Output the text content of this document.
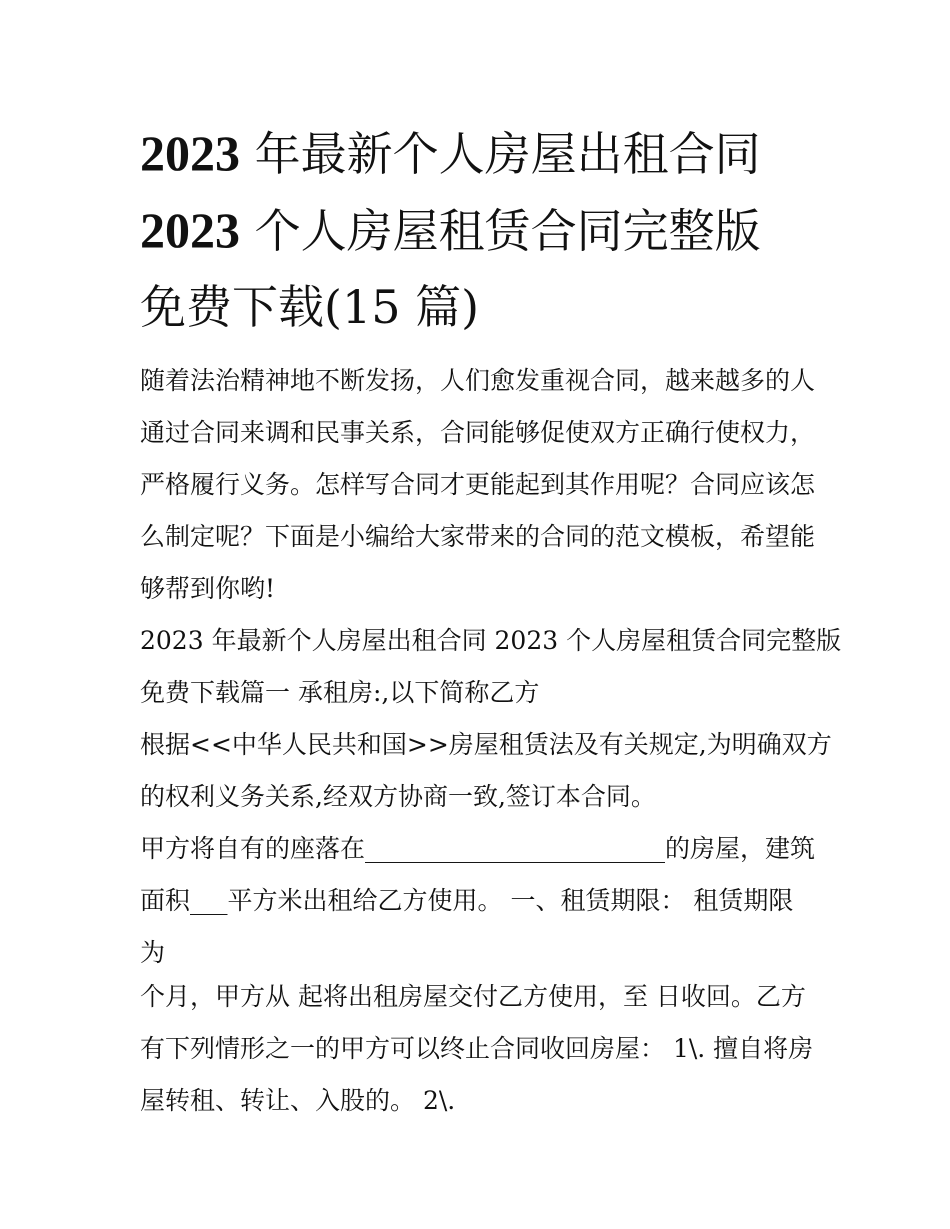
2023 年最新个人房屋出租合同
2023 个人房屋租赁合同完整版
免费下载(15 篇)
随着法治精神地不断发扬，人们愈发重视合同，越来越多的人
通过合同来调和民事关系，合同能够促使双方正确行使权力，
严格履行义务。怎样写合同才更能起到其作用呢？合同应该怎
么制定呢？下面是小编给大家带来的合同的范文模板，希望能
够帮到你哟!
2023 年最新个人房屋出租合同 2023 个人房屋租赁合同完整版
免费下载篇一 承租房:,以下简称乙方
根据<<中华人民共和国>>房屋租赁法及有关规定,为明确双方
的权利义务关系,经双方协商一致,签订本合同。
甲方将自有的座落在________________________的房屋，建筑
面积___平方米出租给乙方使用。 一、租赁期限： 租赁期限
为
个月，甲方从 起将出租房屋交付乙方使用，至 日收回。乙方
有下列情形之一的甲方可以终止合同收回房屋： 1\. 擅自将房
屋转租、转让、入股的。 2\.
